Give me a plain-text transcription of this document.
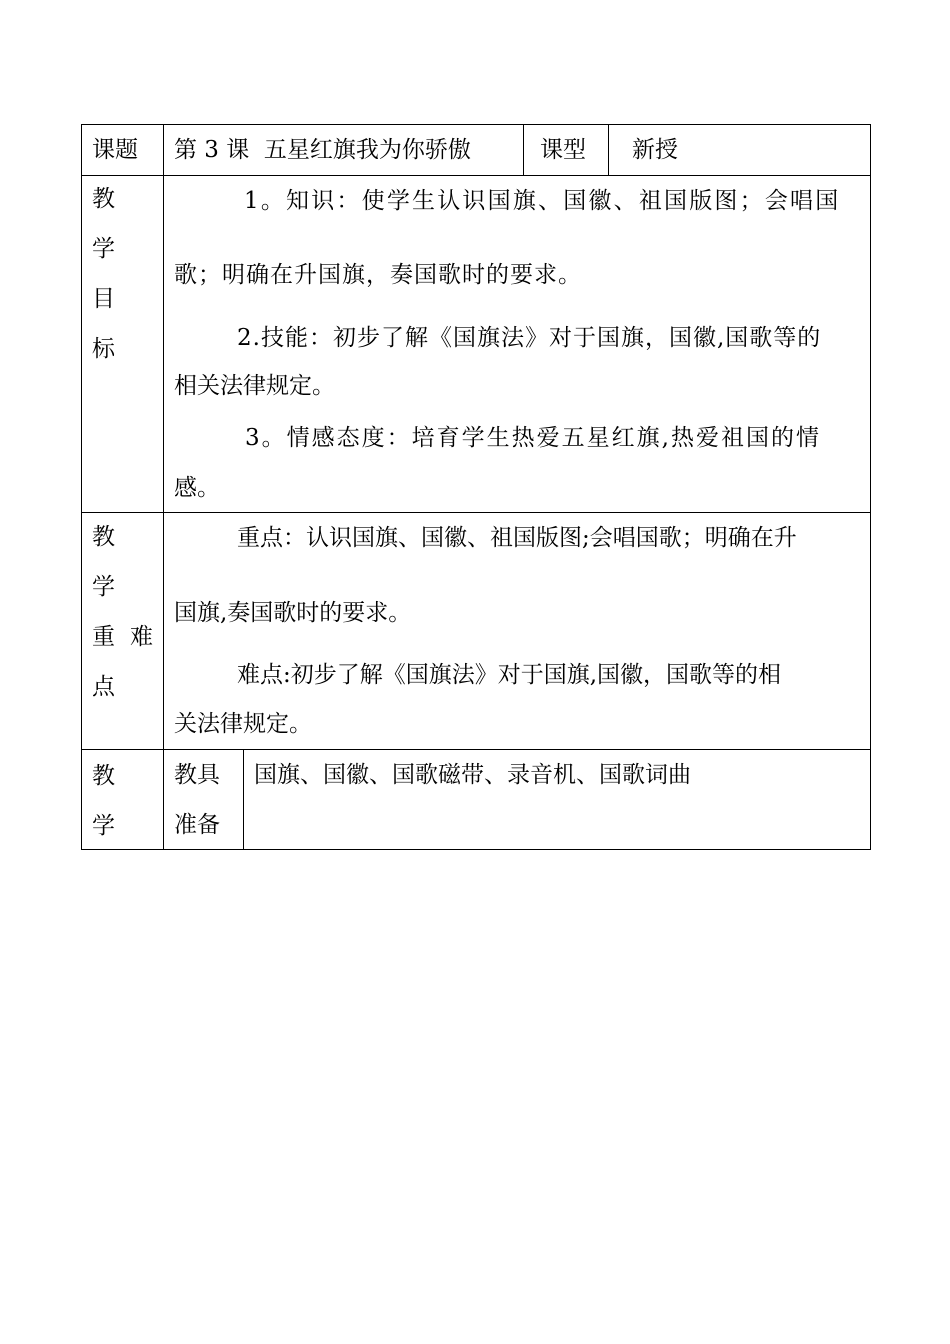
课题 第 3 课  五星红旗我为你骄傲	课型 新授
教
学
目
标
1。知识：使学生认识国旗、国徽、祖国版图；会唱国
歌；明确在升国旗，奏国歌时的要求。
2.技能：初步了解《国旗法》对于国旗，国徽,国歌等的
相关法律规定。
3。情感态度：培育学生热爱五星红旗,热爱祖国的情
感。
教
学
重 难
点
重点：认识国旗、国徽、祖国版图;会唱国歌；明确在升
国旗,奏国歌时的要求。
难点:初步了解《国旗法》对于国旗,国徽，国歌等的相
关法律规定。
教
学
教具
准备
国旗、国徽、国歌磁带、录音机、国歌词曲
